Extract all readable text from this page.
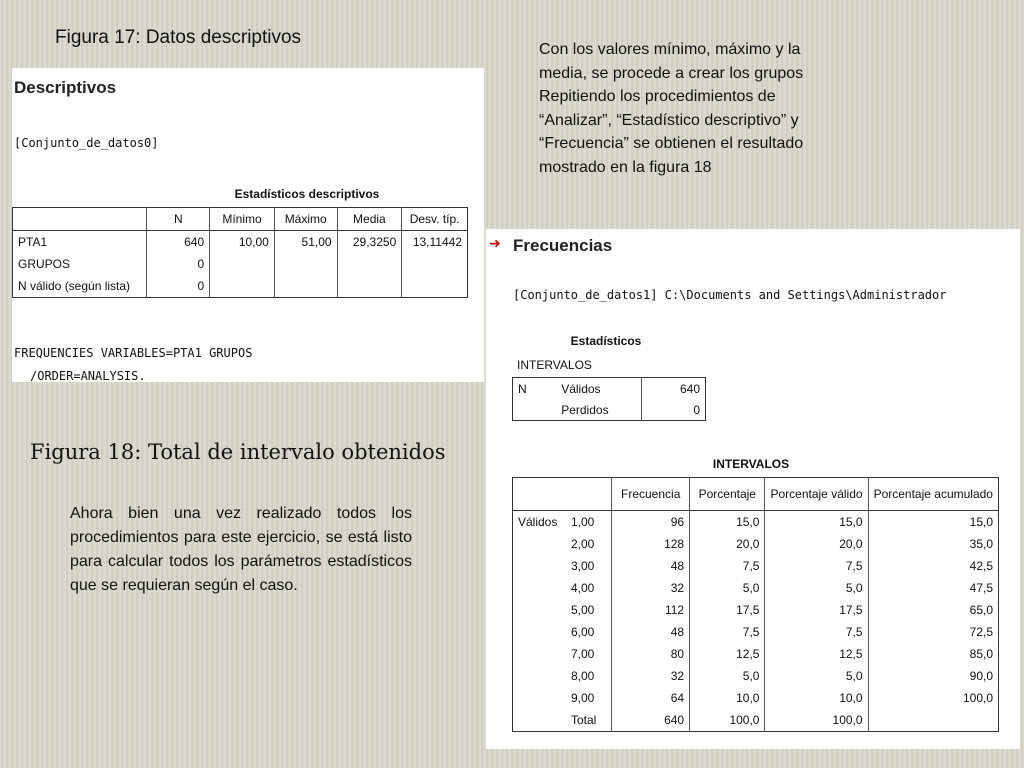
Figura 17: Datos descriptivos
Con los valores mínimo, máximo y la media, se procede a crear los grupos Repitiendo los procedimientos de “Analizar”, “Estadístico descriptivo” y “Frecuencia” se obtienen el resultado mostrado en la figura 18
Figura 18: Total de intervalo obtenidos
Ahora bien una vez realizado todos los procedimientos para este ejercicio, se está listo para calcular todos los parámetros estadísticos que se requieran según el caso.
Descriptivos
[Conjunto_de_datos0]
Estadísticos descriptivos
	N	Mínimo	Máximo	Media	Desv. típ.
PTA1	640	10,00	51,00	29,3250	13,11442
GRUPOS	0				
N válido (según lista)	0				
FREQUENCIES VARIABLES=PTA1 GRUPOS
/ORDER=ANALYSIS.
➜ Frecuencias
[Conjunto_de_datos1] C:\Documents and Settings\Administrador
Estadísticos
INTERVALOS
N	Válidos	640
	Perdidos	0
INTERVALOS
		Frecuencia	Porcentaje	Porcentaje válido	Porcentaje acumulado
Válidos	1,00	96	15,0	15,0	15,0
	2,00	128	20,0	20,0	35,0
	3,00	48	7,5	7,5	42,5
	4,00	32	5,0	5,0	47,5
	5,00	112	17,5	17,5	65,0
	6,00	48	7,5	7,5	72,5
	7,00	80	12,5	12,5	85,0
	8,00	32	5,0	5,0	90,0
	9,00	64	10,0	10,0	100,0
	Total	640	100,0	100,0	
